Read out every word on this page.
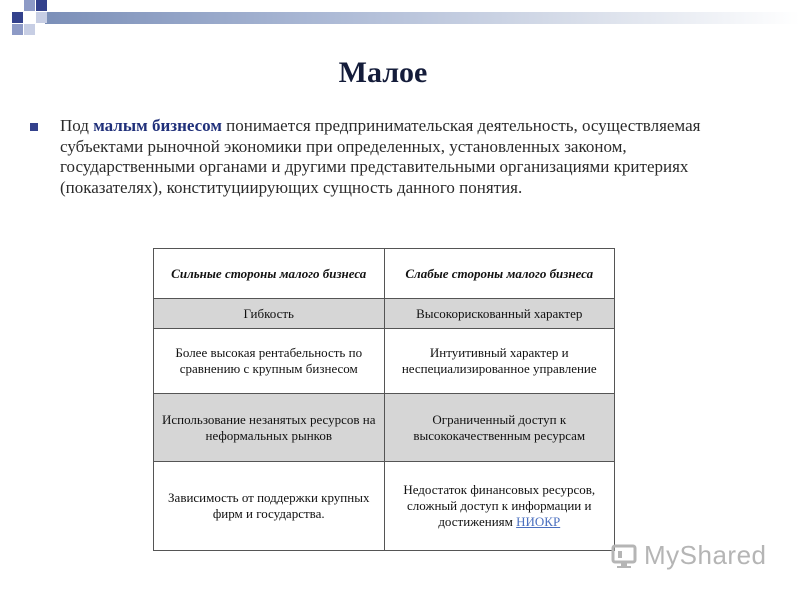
Малое
Под малым бизнесом понимается предпринимательская деятельность, осуществляемая субъектами рыночной экономики при определенных, установленных законом, государственными органами и другими представительными организациями критериях (показателях), конституциирующих сущность данного понятия.
Сильные стороны малого бизнеса	Слабые стороны малого бизнеса
Гибкость	Высокорискованный характер
Более высокая рентабельность по сравнению с крупным бизнесом	Интуитивный характер и неспециализированное управление
Использование незанятых ресурсов на неформальных рынков	Ограниченный доступ к высококачественным ресурсам
Зависимость от поддержки крупных фирм и государства.	Недостаток финансовых ресурсов, сложный доступ к информации и достижениям НИОКР
MyShared
